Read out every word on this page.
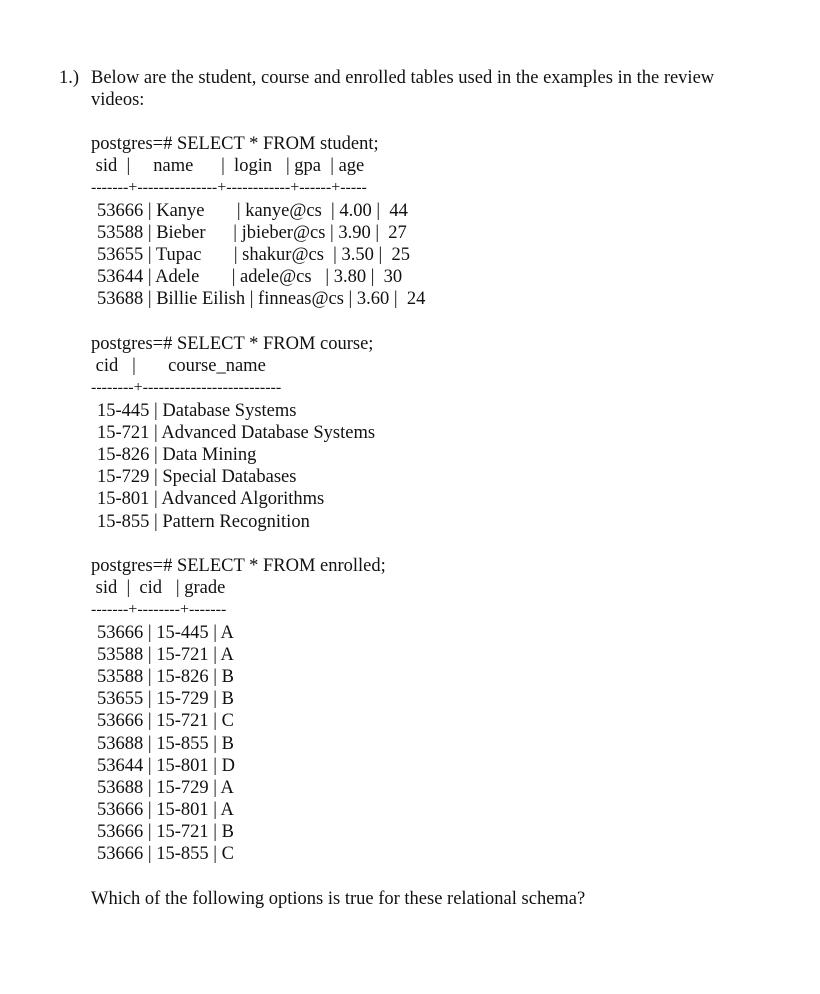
1.) Below are the student, course and enrolled tables used in the examples in the review
videos:
postgres=# SELECT * FROM student;
sid  |     name      |  login   | gpa  | age
-------+---------------+------------+------+-----
53666 | Kanye       | kanye@cs  | 4.00 |  44
53588 | Bieber      | jbieber@cs | 3.90 |  27
53655 | Tupac       | shakur@cs  | 3.50 |  25
53644 | Adele       | adele@cs   | 3.80 |  30
53688 | Billie Eilish | finneas@cs | 3.60 |  24
postgres=# SELECT * FROM course;
cid   |       course_name
--------+--------------------------
15-445 | Database Systems
15-721 | Advanced Database Systems
15-826 | Data Mining
15-729 | Special Databases
15-801 | Advanced Algorithms
15-855 | Pattern Recognition
postgres=# SELECT * FROM enrolled;
sid  |  cid   | grade
-------+--------+-------
53666 | 15-445 | A
53588 | 15-721 | A
53588 | 15-826 | B
53655 | 15-729 | B
53666 | 15-721 | C
53688 | 15-855 | B
53644 | 15-801 | D
53688 | 15-729 | A
53666 | 15-801 | A
53666 | 15-721 | B
53666 | 15-855 | C
Which of the following options is true for these relational schema?
